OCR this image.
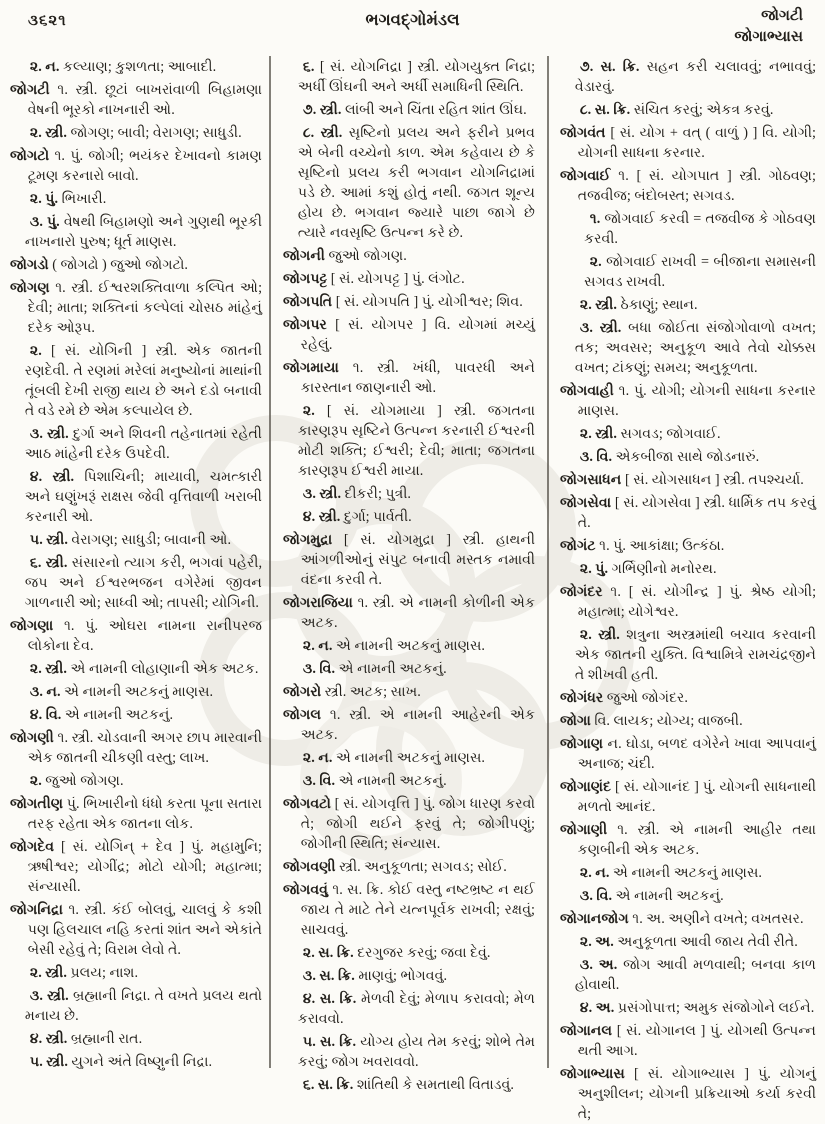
૩૬૨૧	ભગવદ્ગોમંડલ	જોગટી
જોગાભ્યાસ
૨. ન. કલ્યાણ; કુશળતા; આબાદી.
જોગટી ૧. સ્ત્રી. છૂટાં બાખરાંવાળી બિહામણા વેષની ભૂરકો નાખનારી ઓ.
૨. સ્ત્રી. જોગણ; બાવી; વેરાગણ; સાધુડી.
જોગટો ૧. પું. જોગી; ભયંકર દેખાવનો કામણ ટૂમણ કરનારો બાવો.
૨. પું. ભિખારી.
૩. પું. વેષથી બિહામણો અને ગુણથી ભૂરકી નાખનારો પુરુષ; ધૂર્ત માણસ.
જોગડો ( જોગઢો ) જુઓ જોગટો.
જોગણ ૧. સ્ત્રી. ઈશ્વરશક્તિવાળા કલ્પિત ઓ; દેવી; માતા; શક્તિનાં કલ્પેલાં ચોસઠ માંહેનું દરેક ઓરૂપ.
૨. [ સં. યોગિની ] સ્ત્રી. એક જાતની રણદેવી. તે રણમાં મરેલાં મનુષ્યોનાં માથાંની તૂંબલી દેખી રાજી થાય છે અને દડો બનાવી તે વડે રમે છે એમ કલ્પાયેલ છે.
૩. સ્ત્રી. દુર્ગા અને શિવની તહેનાતમાં રહેતી આઠ માંહેની દરેક ઉપદેવી.
૪. સ્ત્રી. પિશાચિની; માયાવી, ચમત્કારી અને ઘણુંખરૂં રાક્ષસ જેવી વૃત્તિવાળી ખરાબી કરનારી ઓ.
૫. સ્ત્રી. વેરાગણ; સાધુડી; બાવાની ઓ.
૬. સ્ત્રી. સંસારનો ત્યાગ કરી, ભગવાં પહેરી, જપ અને ઈશ્વરભજન વગેરેમાં જીવન ગાળનારી ઓ; સાધ્વી ઓ; તાપસી; યોગિની.
જોગણા ૧. પું. ઓઘરા નામના રાનીપરજ લોકોના દેવ.
૨. સ્ત્રી. એ નામની લોહાણાની એક અટક.
૩. ન. એ નામની અટકનું માણસ.
૪. વિ. એ નામની અટકનું.
જોગણી ૧. સ્ત્રી. ચોડવાની અગર છાપ મારવાની એક જાતની ચીકણી વસ્તુ; લાખ.
૨. જુઓ જોગણ.
જોગતીણ પું. ભિખારીનો ધંધો કરતા પૂના સતારા તરફ રહેતા એક જાતના લોક.
જોગદેવ [ સં. યોગિન્ + દેવ ] પું. મહામુનિ; ઋષીશ્વર; યોગીંદ્ર; મોટો યોગી; મહાત્મા; સંન્યાસી.
જોગનિદ્રા ૧. સ્ત્રી. કંઈ બોલવું, ચાલવું કે કશી પણ હિલચાલ નહિ કરતાં શાંત અને એકાંતે બેસી રહેવું તે; વિરામ લેવો તે.
૨. સ્ત્રી. પ્રલય; નાશ.
૩. સ્ત્રી. બ્રહ્માની નિદ્રા. તે વખતે પ્રલય થતો મનાય છે.
૪. સ્ત્રી. બ્રહ્માની રાત.
૫. સ્ત્રી. યુગને અંતે વિષ્ણુની નિદ્રા.
૬. [ સં. યોગનિદ્રા ] સ્ત્રી. યોગયુક્ત નિદ્રા; અર્ધી ઊંઘની અને અર્ધી સમાધિની સ્થિતિ.
૭. સ્ત્રી. લાંબી અને ચિંતા રહિત શાંત ઊંઘ.
૮. સ્ત્રી. સૃષ્ટિનો પ્રલય અને ફરીને પ્રભવ એ બેની વચ્ચેનો કાળ. એમ કહેવાય છે કે સૃષ્ટિનો પ્રલય કરી ભગવાન યોગનિદ્રામાં પડે છે. આમાં કશું હોતું નથી. જગત શૂન્ય હોય છે. ભગવાન જ્યારે પાછા જાગે છે ત્યારે નવસૃષ્ટિ ઉત્પન્ન કરે છે.
જોગની જુઓ જોગણ.
જોગપટ્ટ [ સં. યોગપટ્ટ ] પું. લંગોટ.
જોગપતિ [ સં. યોગપતિ ] પું. યોગીશ્વર; શિવ.
જોગપર [ સં. યોગપર ] વિ. યોગમાં મચ્યું રહેલું.
જોગમાયા ૧. સ્ત્રી. ખંધી, પાવરધી અને કારસ્તાન જાણનારી ઓ.
૨. [ સં. યોગમાયા ] સ્ત્રી. જગતના કારણરૂપ સૃષ્ટિને ઉત્પન્ન કરનારી ઈશ્વરની મોટી શક્તિ; ઈશ્વરી; દેવી; માતા; જગતના કારણરૂપ ઈશ્વરી માયા.
૩. સ્ત્રી. દીકરી; પુત્રી.
૪. સ્ત્રી. દુર્ગા; પાર્વતી.
જોગમુદ્રા [ સં. યોગમુદ્રા ] સ્ત્રી. હાથની આંગળીઓનું સંપુટ બનાવી મસ્તક નમાવી વંદના કરવી તે.
જોગરાજિયા ૧. સ્ત્રી. એ નામની કોળીની એક અટક.
૨. ન. એ નામની અટકનું માણસ.
૩. વિ. એ નામની અટકનું.
જોગરો સ્ત્રી. અટક; સાખ.
જોગલ ૧. સ્ત્રી. એ નામની આહેરની એક અટક.
૨. ન. એ નામની અટકનું માણસ.
૩. વિ. એ નામની અટકનું.
જોગવટો [ સં. યોગવૃત્તિ ] પું. જોગ ધારણ કરવો તે; જોગી થઈને ફરવું તે; જોગીપણું; જોગીની સ્થિતિ; સંન્યાસ.
જોગવણી સ્ત્રી. અનુકૂળતા; સગવડ; સોઈ.
જોગવવું ૧. સ. ક્રિ. કોઈ વસ્તુ નષ્ટભ્રષ્ટ ન થઈ જાય તે માટે તેને યત્નપૂર્વક રાખવી; રક્ષવું; સાચવવું.
૨. સ. ક્રિ. દરગુજર કરવું; જવા દેવું.
૩. સ. ક્રિ. માણવું; ભોગવવું.
૪. સ. ક્રિ. મેળવી દેવું; મેળાપ કરાવવો; મેળ કરાવવો.
૫. સ. ક્રિ. યોગ્ય હોય તેમ કરવું; શોભે તેમ કરવું; જોગ ખવરાવવો.
૬. સ. ક્રિ. શાંતિથી કે સમતાથી વિતાડવું.
૭. સ. ક્રિ. સહન કરી ચલાવવું; નભાવવું; વેડારવું.
૮. સ. ક્રિ. સંચિત કરવું; એકત્ર કરવું.
જોગવંત [ સં. યોગ + વત્ ( વાળું ) ] વિ. યોગી; યોગની સાધના કરનાર.
જોગવાઈ ૧. [ સં. યોગપાત ] સ્ત્રી. ગોઠવણ; તજવીજ; બંદોબસ્ત; સગવડ.
૧. જોગવાઈ કરવી = તજવીજ કે ગોઠવણ કરવી.
૨. જોગવાઈ રાખવી = બીજાના સમાસની સગવડ રાખવી.
૨. સ્ત્રી. ઠેકાણું; સ્થાન.
૩. સ્ત્રી. બધા જોઈતા સંજોગોવાળો વખત; તક; અવસર; અનુકૂળ આવે તેવો ચોક્કસ વખત; ટાંકણું; સમય; અનુકૂળતા.
જોગવાહી ૧. પું. યોગી; યોગની સાધના કરનાર માણસ.
૨. સ્ત્રી. સગવડ; જોગવાઈ.
૩. વિ. એકબીજા સાથે જોડનારું.
જોગસાધન [ સં. યોગસાધન ] સ્ત્રી. તપશ્ચર્યા.
જોગસેવા [ સં. યોગસેવા ] સ્ત્રી. ધાર્મિક તપ કરવું તે.
જોગંટ ૧. પું. આકાંક્ષા; ઉત્કંઠા.
૨. પું. ગર્ભિણીનો મનોરથ.
જોગંદર ૧. [ સં. યોગીન્દ્ર ] પું. શ્રેષ્ઠ યોગી; મહાત્મા; યોગેશ્વર.
૨. સ્ત્રી. શત્રુના અસ્ત્રમાંથી બચાવ કરવાની એક જાતની યુક્તિ. વિશ્વામિત્રે રામચંદ્રજીને તે શીખવી હતી.
જોગંધર જુઓ જોગંદર.
જોગા વિ. લાયક; યોગ્ય; વાજબી.
જોગાણ ન. ઘોડા, બળદ વગેરેને ખાવા આપવાનું અનાજ; ચંદી.
જોગાણંદ [ સં. યોગાનંદ ] પું. યોગની સાધનાથી મળતો આનંદ.
જોગાણી ૧. સ્ત્રી. એ નામની આહીર તથા કણબીની એક અટક.
૨. ન. એ નામની અટકનું માણસ.
૩. વિ. એ નામની અટકનું.
જોગાનજોગ ૧. અ. અણીને વખતે; વખતસર.
૨. અ. અનુકૂળતા આવી જાય તેવી રીતે.
૩. અ. જોગ આવી મળવાથી; બનવા કાળ હોવાથી.
૪. અ. પ્રસંગોપાત્ત; અમુક સંજોગોને લઈને.
જોગાનલ [ સં. યોગાનલ ] પું. યોગથી ઉત્પન્ન થતી આગ.
જોગાભ્યાસ [ સં. યોગાભ્યાસ ] પું. યોગનું અનુશીલન; યોગની પ્રક્રિયાઓ કર્યા કરવી તે;
